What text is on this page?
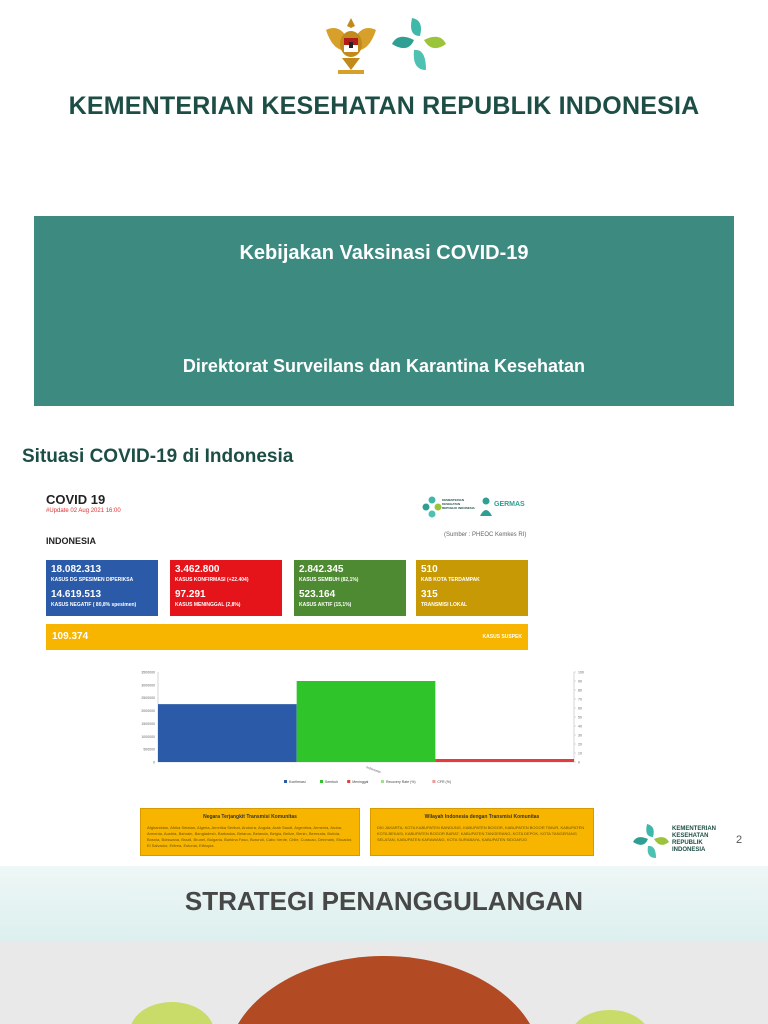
KEMENTERIAN KESEHATAN REPUBLIK INDONESIA
Kebijakan Vaksinasi COVID-19
Direktorat Surveilans dan Karantina Kesehatan
Situasi COVID-19 di Indonesia
COVID 19
#Update 02 Aug 2021 16:00
INDONESIA
(Sumber : PHEOC Kemkes RI)
KEMENTERIAN KESEHATAN REPUBLIK INDONESIA	GERMAS
18.082.313
KASUS DG SPESIMEN DIPERIKSA
14.619.513
KASUS NEGATIF ( 80,8% spesimen)
3.462.800
KASUS KONFIRMASI (+22.404)
97.291
KASUS MENINGGAL (2,8%)
2.842.345
KASUS SEMBUH (82,1%)
523.164
KASUS AKTIF (15,1%)
510
KAB KOTA TERDAMPAK
315
TRANSMISI LOKAL
109.374	KASUS SUSPEK
3500000
3000000
2500000
2000000
1500000
1000000
500000
0
100
90
80
70
60
50
40
30
20
10
0
Indonesia
Konfirmasi	Sembuh	Meninggal	Recovery Rate (%)	CFR (%)
Negara Terjangkit Transmisi Komunitas
Afghanistan, Afrika Selatan, Algeria, Amerika Serikat, Andorra, Angola, Arab Saudi, Argentina, Armenia, Aruba, Armenia, Austria, Bahrain, Bangladesh, Barbados, Belarus, Belanda, Belgia, Belize, Benin, Bermuda, Bolivia, Bosnia, Botswana, Brazil, Brunei, Bulgaria, Burkina Faso, Burundi, Cabo Verde, Chile, Curacao, Denmark, Ekuador, El Salvador, Eritrea, Estonia, Ethiopia
Wilayah Indonesia dengan Transmisi Komunitas
DKI JAKARTA, KOTA KABUPATEN BANDUNG, KABUPATEN BOGOR, KABUPATEN BOGOR TIMUR, KABUPATEN KOTA BEKASI, KABUPATEN BOGOR BARAT, KABUPATEN TANGERANG, KOTA DEPOK, KOTA TANGERANG SELATAN, KABUPATEN KARAWANG, KOTA SURABAYA, KABUPATEN SIDOARJO
KEMENTERIAN KESEHATAN REPUBLIK INDONESIA
2
STRATEGI PENANGGULANGAN
